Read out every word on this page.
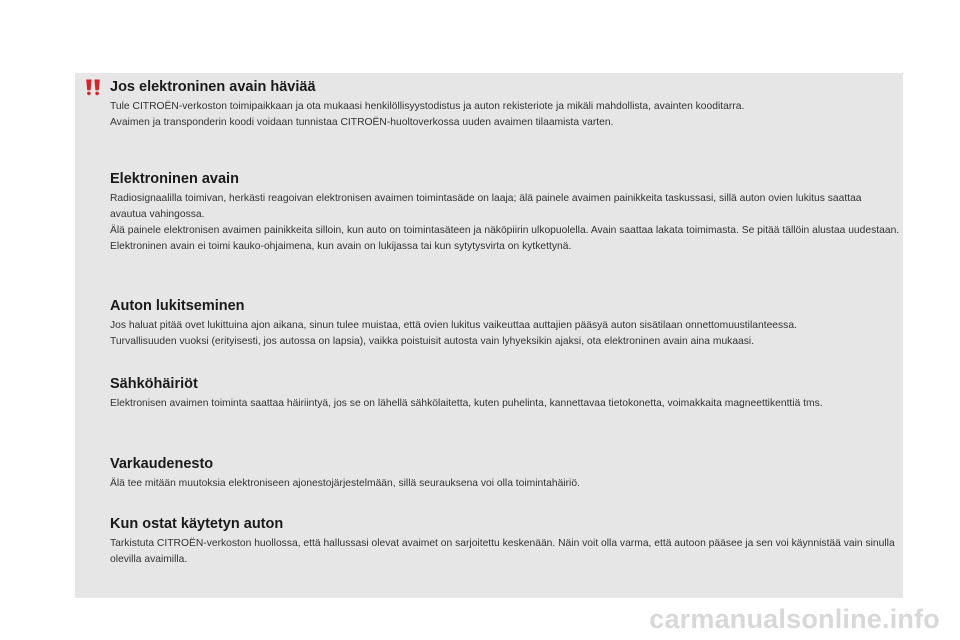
Jos elektroninen avain häviää

Tule CITROËN-verkoston toimipaikkaan ja ota mukaasi henkilöllisyystodistus ja auton rekisteriote ja mikäli mahdollista, avainten kooditarra.

Avaimen ja transponderin koodi voidaan tunnistaa CITROËN-huoltoverkossa uuden avaimen tilaamista varten.

Elektroninen avain

Radiosignaalilla toimivan, herkästi reagoivan elektronisen avaimen toimintasäde on laaja; älä painele avaimen painikkeita taskussasi, sillä auton ovien lukitus saattaa avautua vahingossa.

Älä painele elektronisen avaimen painikkeita silloin, kun auto on toimintasäteen ja näköpiirin ulkopuolella. Avain saattaa lakata toimimasta. Se pitää tällöin alustaa uudestaan.

Elektroninen avain ei toimi kauko-ohjaimena, kun avain on lukijassa tai kun sytytysvirta on kytkettynä.

Auton lukitseminen

Jos haluat pitää ovet lukittuina ajon aikana, sinun tulee muistaa, että ovien lukitus vaikeuttaa auttajien pääsyä auton sisätilaan onnettomuustilanteessa.

Turvallisuuden vuoksi (erityisesti, jos autossa on lapsia), vaikka poistuisit autosta vain lyhyeksikin ajaksi, ota elektroninen avain aina mukaasi.

Sähköhäiriöt

Elektronisen avaimen toiminta saattaa häiriintyä, jos se on lähellä sähkölaitetta, kuten puhelinta, kannettavaa tietokonetta, voimakkaita magneettikenttiä tms.

Varkaudenesto

Älä tee mitään muutoksia elektroniseen ajonestojärjestelmään, sillä seurauksena voi olla toimintahäiriö.

Kun ostat käytetyn auton

Tarkistuta CITROËN-verkoston huollossa, että hallussasi olevat avaimet on sarjoitettu keskenään. Näin voit olla varma, että autoon pääsee ja sen voi käynnistää vain sinulla olevilla avaimilla.

carmanualsonline.info
